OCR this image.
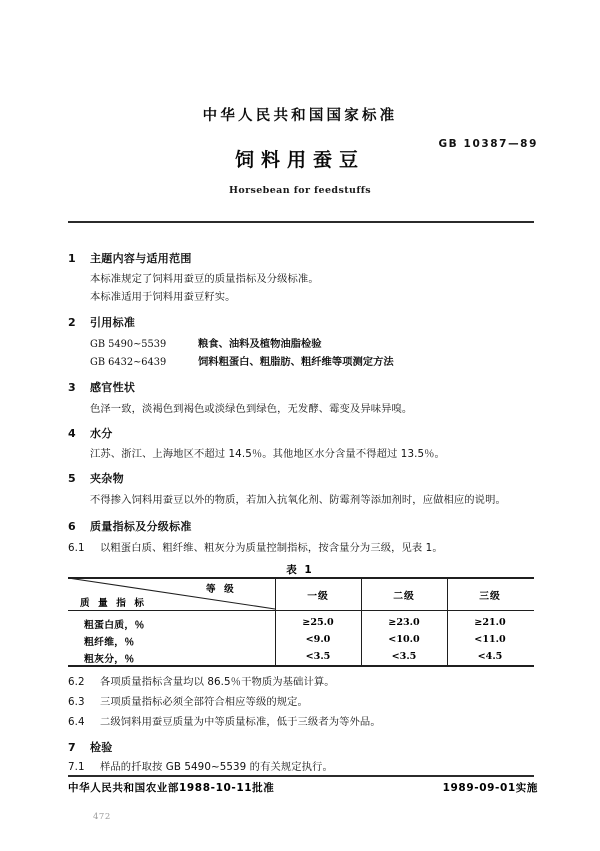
中华人民共和国国家标准
饲料用蚕豆
GB 10387—89
Horsebean for feedstuffs
1 主题内容与适用范围
本标准规定了饲料用蚕豆的质量指标及分级标准。
本标准适用于饲料用蚕豆籽实。
2 引用标准
GB 5490~5539	粮食、油料及植物油脂检验
GB 6432~6439	饲料粗蛋白、粗脂肪、粗纤维等项测定方法
3 感官性状
色泽一致，淡褐色到褐色或淡绿色到绿色，无发酵、霉变及异味异嗅。
4 水分
江苏、浙江、上海地区不超过 14.5％。其他地区水分含量不得超过 13.5％。
5 夹杂物
不得掺入饲料用蚕豆以外的物质，若加入抗氧化剂、防霉剂等添加剂时，应做相应的说明。
6 质量指标及分级标准
6.1 以粗蛋白质、粗纤维、粗灰分为质量控制指标，按含量分为三级，见表 1。
表 1
等 级
质 量 指 标
一级	二级	三级
粗蛋白质，％	≥25.0	≥23.0	≥21.0
粗纤维，％	<9.0	<10.0	<11.0
粗灰分，％	<3.5	<3.5	<4.5
6.2 各项质量指标含量均以 86.5％干物质为基础计算。
6.3 三项质量指标必须全部符合相应等级的规定。
6.4 二级饲料用蚕豆质量为中等质量标准，低于三级者为等外品。
7 检验
7.1 样品的扦取按 GB 5490~5539 的有关规定执行。
中华人民共和国农业部1988-10-11批准	1989-09-01实施
472
